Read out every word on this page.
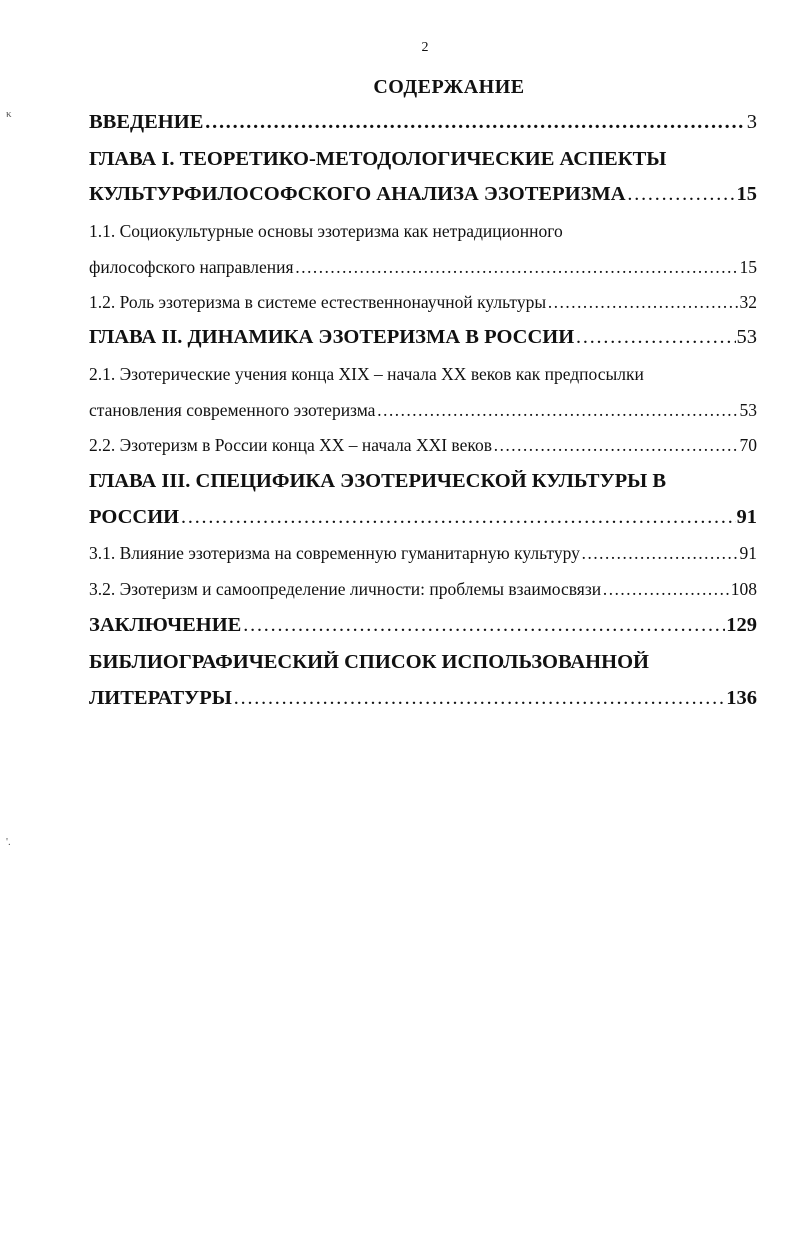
2
СОДЕРЖАНИЕ
κ
'.
ВВЕДЕНИЕ ……………………………………………………………………………………………………………………………………………………………………………………	3
ГЛАВА I. ТЕОРЕТИКО-МЕТОДОЛОГИЧЕСКИЕ АСПЕКТЫ
КУЛЬТУРФИЛОСОФСКОГО АНАЛИЗА ЭЗОТЕРИЗМА ……………………………………………………………………………………………………………………………………………………………………………………	15
1.1. Социокультурные основы эзотеризма как нетрадиционного
философского направления ……………………………………………………………………………………………………………………………………………………………………………………	15
1.2. Роль эзотеризма в системе естественнонаучной культуры ……………………………………………………………………………………………………………………………………………………………………………………	32
ГЛАВА II. ДИНАМИКА ЭЗОТЕРИЗМА В РОССИИ ……………………………………………………………………………………………………………………………………………………………………………………	53
2.1. Эзотерические учения конца XIX – начала XX веков как предпосылки
становления современного эзотеризма ……………………………………………………………………………………………………………………………………………………………………………………	53
2.2. Эзотеризм в России конца XX – начала XXI веков ……………………………………………………………………………………………………………………………………………………………………………………	70
ГЛАВА III. СПЕЦИФИКА ЭЗОТЕРИЧЕСКОЙ КУЛЬТУРЫ В
РОССИИ ……………………………………………………………………………………………………………………………………………………………………………………	91
3.1. Влияние эзотеризма на современную гуманитарную культуру ……………………………………………………………………………………………………………………………………………………………………………………	91
3.2. Эзотеризм и самоопределение личности: проблемы взаимосвязи ……………………………………………………………………………………………………………………………………………………………………………………	108
ЗАКЛЮЧЕНИЕ ……………………………………………………………………………………………………………………………………………………………………………………	129
БИБЛИОГРАФИЧЕСКИЙ СПИСОК ИСПОЛЬЗОВАННОЙ
ЛИТЕРАТУРЫ ……………………………………………………………………………………………………………………………………………………………………………………	136
